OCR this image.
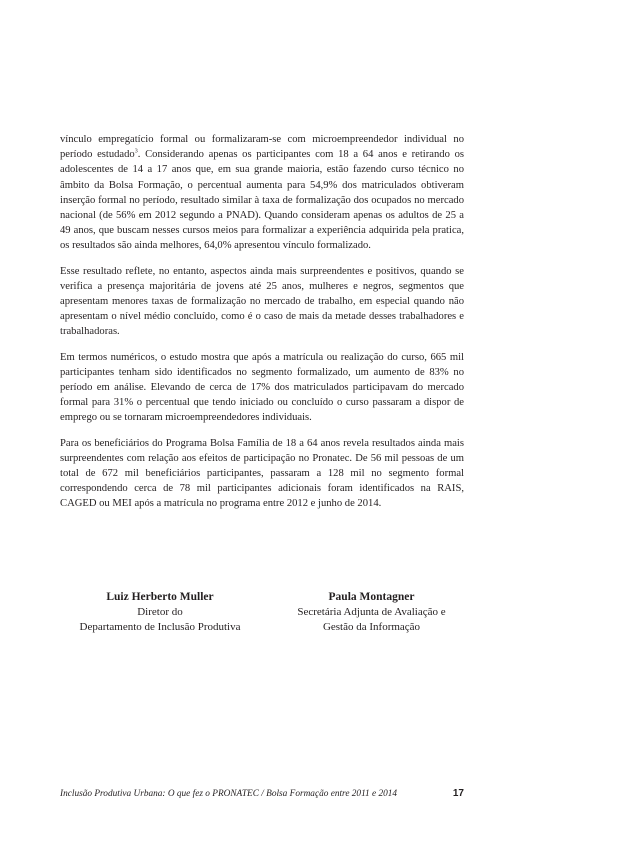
vínculo empregatício formal ou formalizaram-se com microempreendedor individual no período estudado$^3$. Considerando apenas os participantes com 18 a 64 anos e retirando os adolescentes de 14 a 17 anos que, em sua grande maioria, estão fazendo curso técnico no âmbito da Bolsa Formação, o percentual aumenta para 54,9% dos matriculados obtiveram inserção formal no período, resultado similar à taxa de formalização dos ocupados no mercado nacional (de 56% em 2012 segundo a PNAD). Quando consideram apenas os adultos de 25 a 49 anos, que buscam nesses cursos meios para formalizar a experiência adquirida pela pratica, os resultados são ainda melhores, 64,0% apresentou vínculo formalizado.

Esse resultado reflete, no entanto, aspectos ainda mais surpreendentes e positivos, quando se verifica a presença majoritária de jovens até 25 anos, mulheres e negros, segmentos que apresentam menores taxas de formalização no mercado de trabalho, em especial quando não apresentam o nível médio concluído, como é o caso de mais da metade desses trabalhadores e trabalhadoras.

Em termos numéricos, o estudo mostra que após a matrícula ou realização do curso, 665 mil participantes tenham sido identificados no segmento formalizado, um aumento de 83% no período em análise. Elevando de cerca de 17% dos matriculados participavam do mercado formal para 31% o percentual que tendo iniciado ou concluído o curso passaram a dispor de emprego ou se tornaram microempreendedores individuais.

Para os beneficiários do Programa Bolsa Família de 18 a 64 anos revela resultados ainda mais surpreendentes com relação aos efeitos de participação no Pronatec. De 56 mil pessoas de um total de 672 mil beneficiários participantes, passaram a 128 mil no segmento formal correspondendo cerca de 78 mil participantes adicionais foram identificados na RAIS, CAGED ou MEI após a matrícula no programa entre 2012 e junho de 2014.

Luiz Herberto Muller
Diretor do
Departamento de Inclusão Produtiva
Paula Montagner
Secretária Adjunta de Avaliação e
Gestão da Informação
Inclusão Produtiva Urbana: O que fez o PRONATEC / Bolsa Formação entre 2011 e 2014	17
